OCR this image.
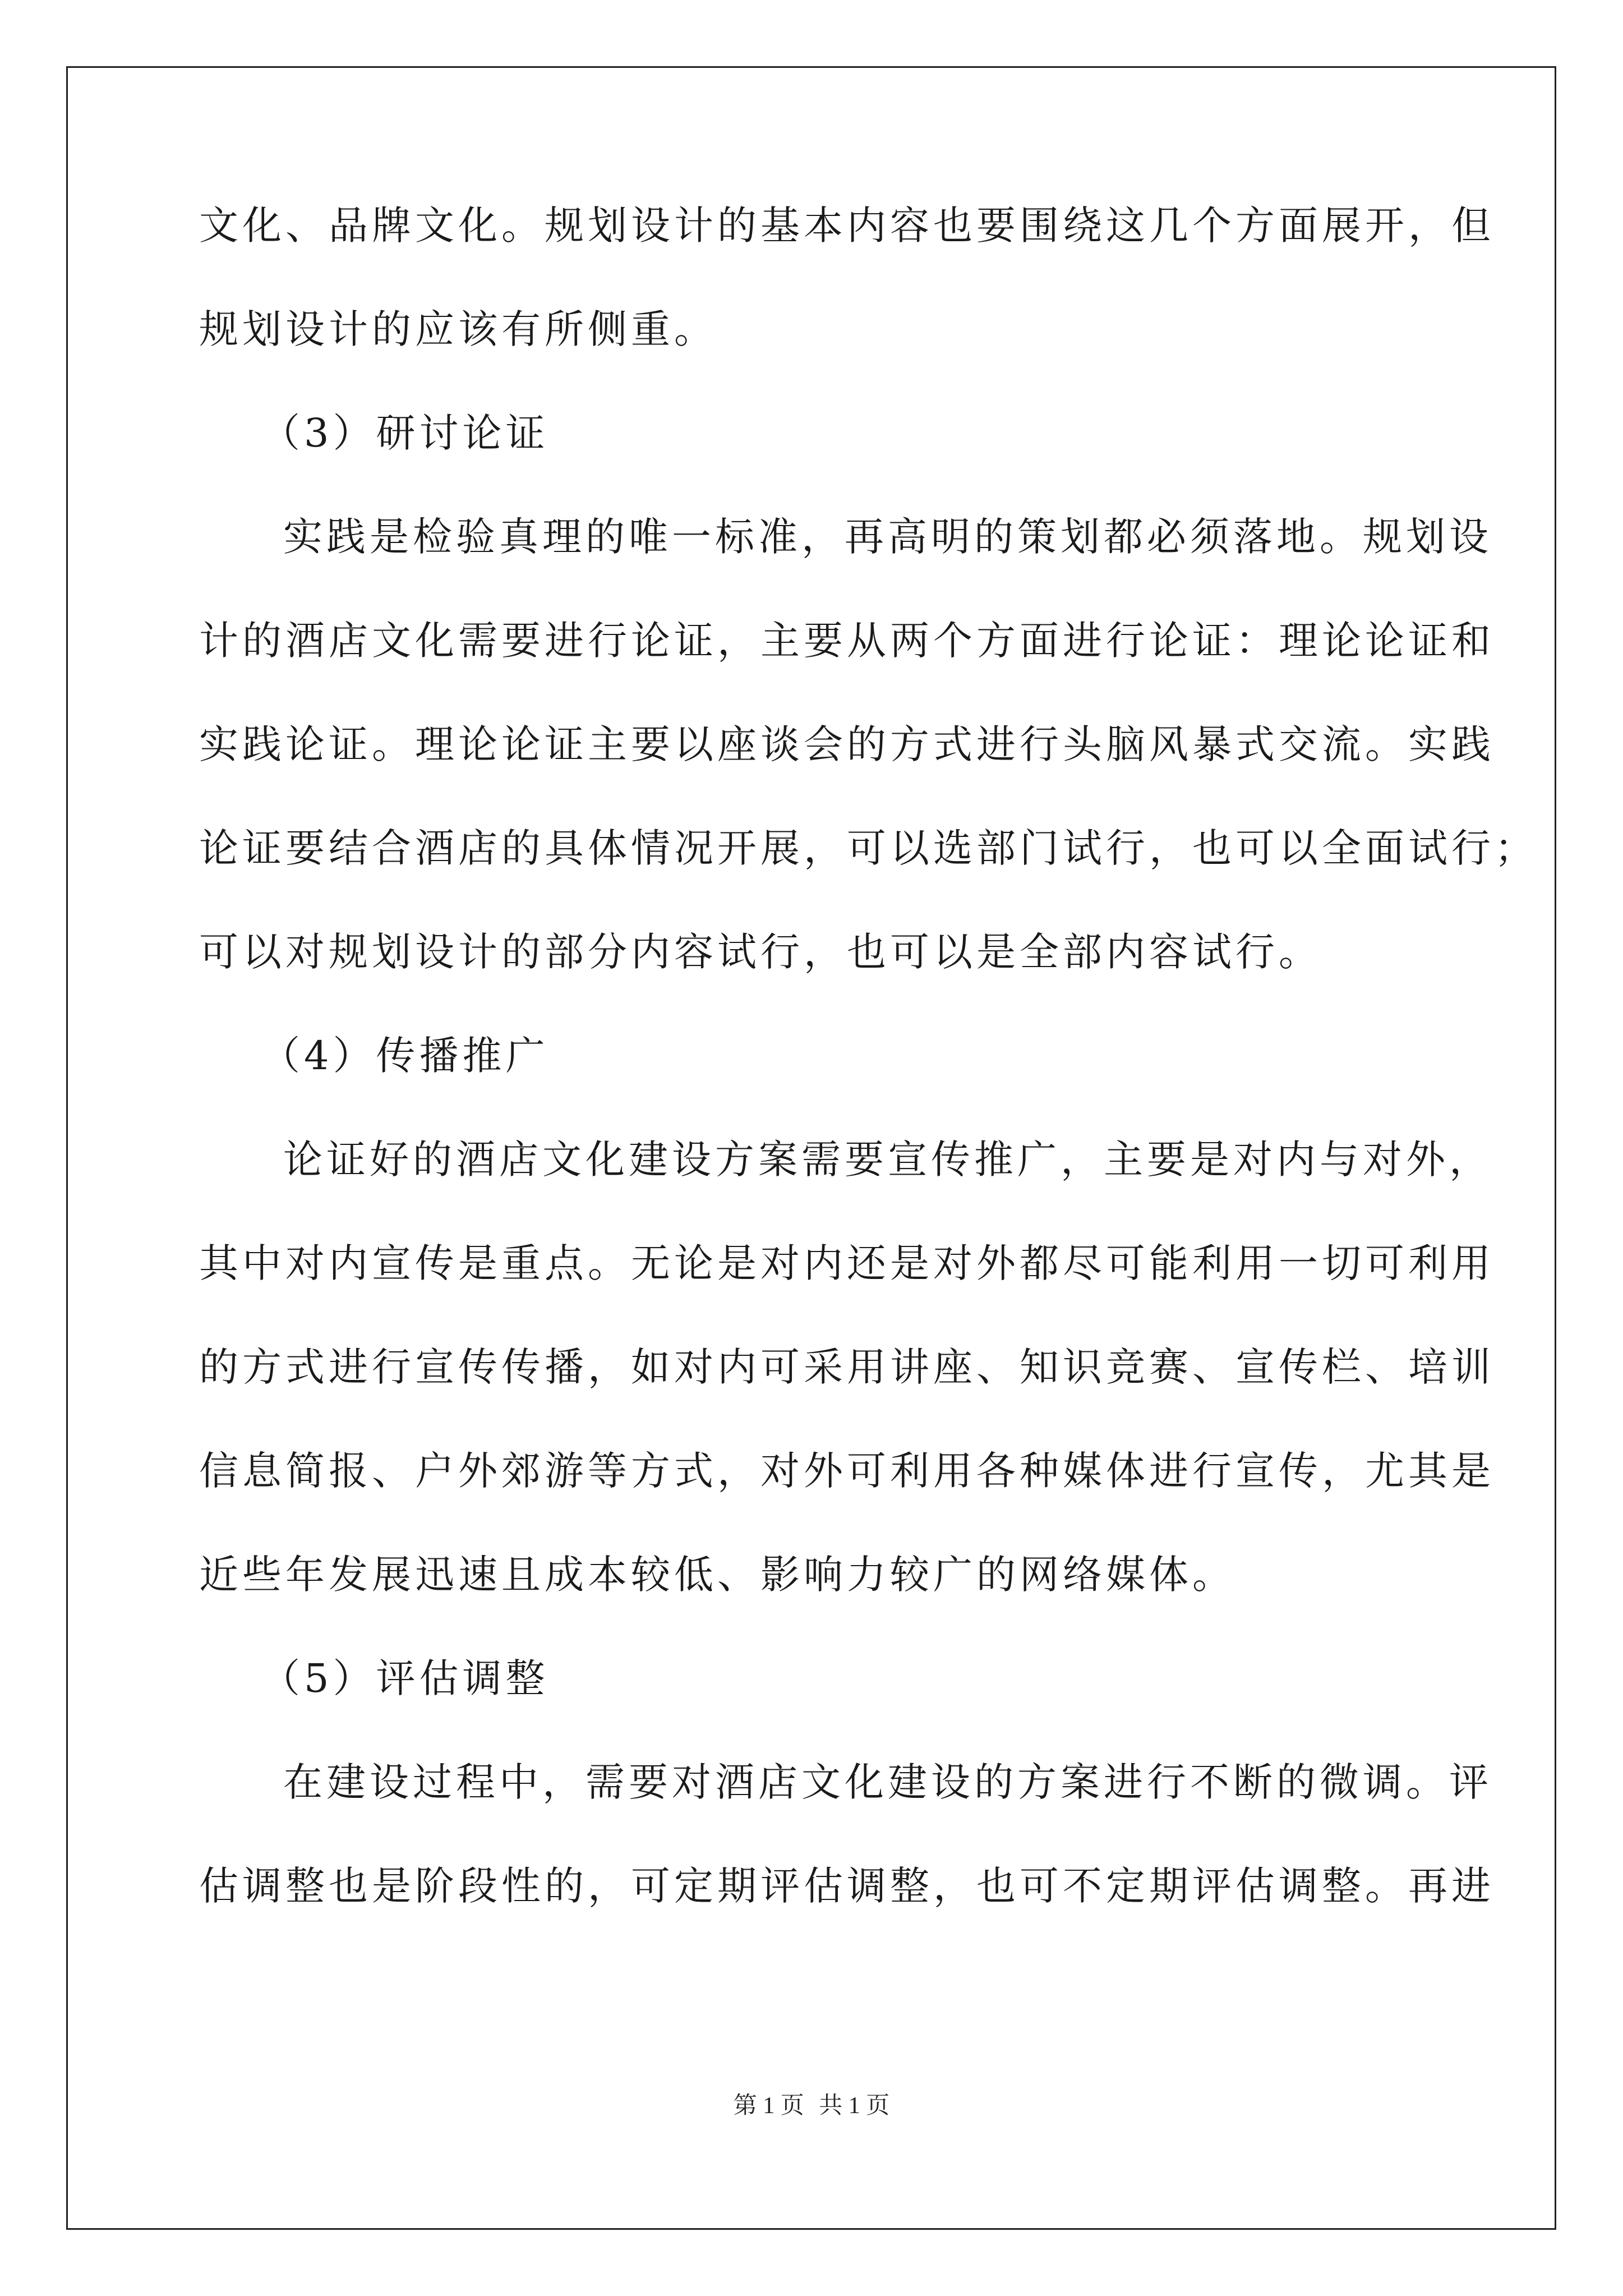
文化、品牌文化。规划设计的基本内容也要围绕这几个方面展开，但
规划设计的应该有所侧重。
（3）研讨论证
实践是检验真理的唯一标准，再高明的策划都必须落地。规划设
计的酒店文化需要进行论证，主要从两个方面进行论证：理论论证和
实践论证。理论论证主要以座谈会的方式进行头脑风暴式交流。实践
论证要结合酒店的具体情况开展，可以选部门试行，也可以全面试行；
可以对规划设计的部分内容试行，也可以是全部内容试行。
（4）传播推广
论证好的酒店文化建设方案需要宣传推广，主要是对内与对外，
其中对内宣传是重点。无论是对内还是对外都尽可能利用一切可利用
的方式进行宣传传播，如对内可采用讲座、知识竞赛、宣传栏、培训
信息简报、户外郊游等方式，对外可利用各种媒体进行宣传，尤其是
近些年发展迅速且成本较低、影响力较广的网络媒体。
（5）评估调整
在建设过程中，需要对酒店文化建设的方案进行不断的微调。评
估调整也是阶段性的，可定期评估调整，也可不定期评估调整。再进
第 1 页 共 1 页
